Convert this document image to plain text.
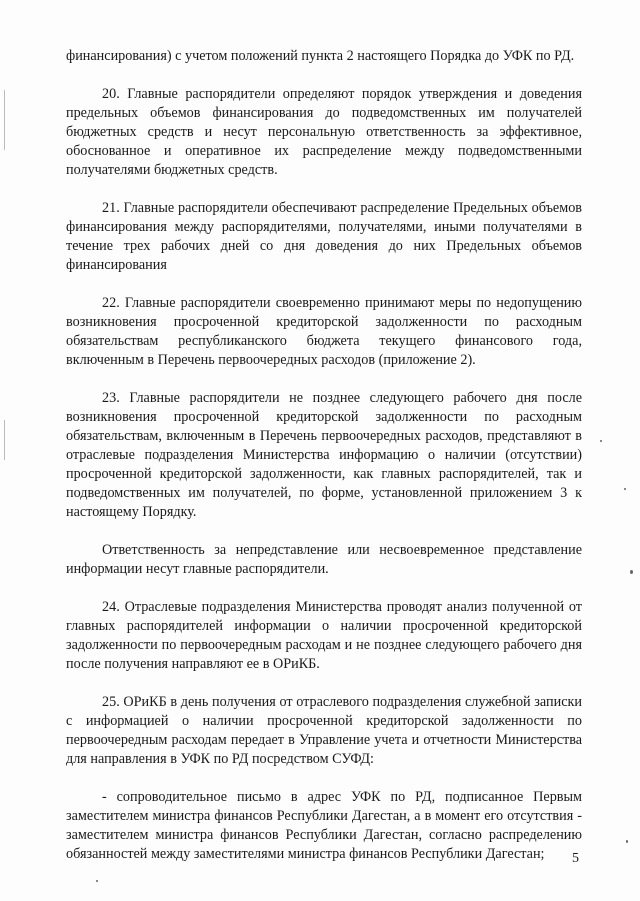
финансирования) с учетом положений пункта 2 настоящего Порядка до УФК по РД.

20. Главные распорядители определяют порядок утверждения и доведения предельных объемов финансирования до подведомственных им получателей бюджетных средств и несут персональную ответственность за эффективное, обоснованное и оперативное их распределение между подведомственными получателями бюджетных средств.

21. Главные распорядители обеспечивают распределение Предельных объемов финансирования между распорядителями, получателями, иными получателями в течение трех рабочих дней со дня доведения до них Предельных объемов финансирования

22. Главные распорядители своевременно принимают меры по недопущению возникновения просроченной кредиторской задолженности по расходным обязательствам республиканского бюджета текущего финансового года, включенным в Перечень первоочередных расходов (приложение 2).

23. Главные распорядители не позднее следующего рабочего дня после возникновения просроченной кредиторской задолженности по расходным обязательствам, включенным в Перечень первоочередных расходов, представляют в отраслевые подразделения Министерства информацию о наличии (отсутствии) просроченной кредиторской задолженности, как главных распорядителей, так и подведомственных им получателей, по форме, установленной приложением 3 к настоящему Порядку.

Ответственность за непредставление или несвоевременное представление информации несут главные распорядители.

24. Отраслевые подразделения Министерства проводят анализ полученной от главных распорядителей информации о наличии просроченной кредиторской задолженности по первоочередным расходам и не позднее следующего рабочего дня после получения направляют ее в ОРиКБ.

25. ОРиКБ в день получения от отраслевого подразделения служебной записки с информацией о наличии просроченной кредиторской задолженности по первоочередным расходам передает в Управление учета и отчетности Министерства для направления в УФК по РД посредством СУФД:

- сопроводительное письмо в адрес УФК по РД, подписанное Первым заместителем министра финансов Республики Дагестан, а в момент его отсутствия - заместителем министра финансов Республики Дагестан, согласно распределению обязанностей между заместителями министра финансов Республики Дагестан;	5
